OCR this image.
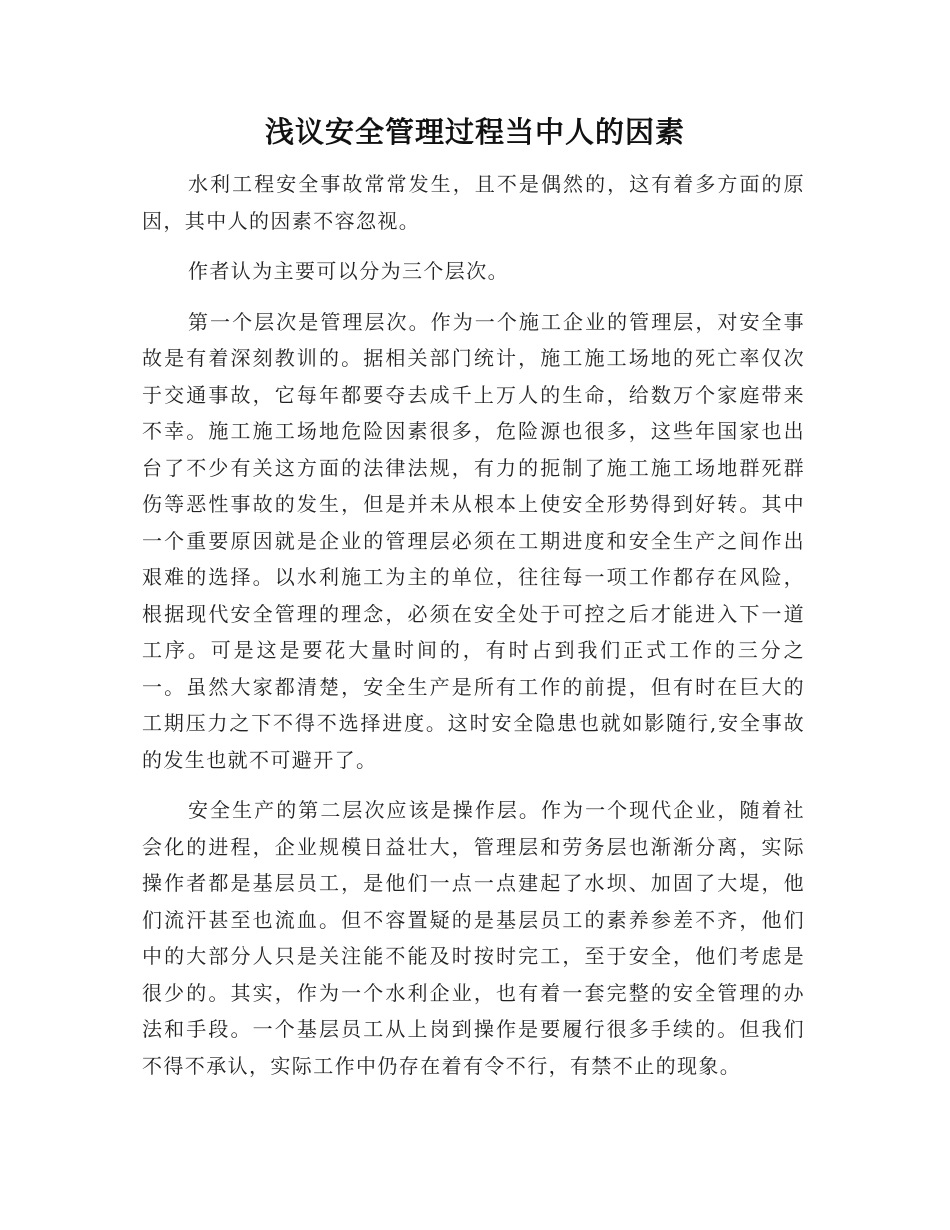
浅议安全管理过程当中人的因素

水利工程安全事故常常发生，且不是偶然的，这有着多方面的原因，其中人的因素不容忽视。

作者认为主要可以分为三个层次。

第一个层次是管理层次。作为一个施工企业的管理层，对安全事故是有着深刻教训的。据相关部门统计，施工施工场地的死亡率仅次于交通事故，它每年都要夺去成千上万人的生命，给数万个家庭带来不幸。施工施工场地危险因素很多，危险源也很多，这些年国家也出台了不少有关这方面的法律法规，有力的扼制了施工施工场地群死群伤等恶性事故的发生，但是并未从根本上使安全形势得到好转。其中一个重要原因就是企业的管理层必须在工期进度和安全生产之间作出艰难的选择。以水利施工为主的单位，往往每一项工作都存在风险，根据现代安全管理的理念，必须在安全处于可控之后才能进入下一道工序。可是这是要花大量时间的，有时占到我们正式工作的三分之一。虽然大家都清楚，安全生产是所有工作的前提，但有时在巨大的工期压力之下不得不选择进度。这时安全隐患也就如影随行,安全事故的发生也就不可避开了。

安全生产的第二层次应该是操作层。作为一个现代企业，随着社会化的进程，企业规模日益壮大，管理层和劳务层也渐渐分离，实际操作者都是基层员工，是他们一点一点建起了水坝、加固了大堤，他们流汗甚至也流血。但不容置疑的是基层员工的素养参差不齐，他们中的大部分人只是关注能不能及时按时完工，至于安全，他们考虑是很少的。其实，作为一个水利企业，也有着一套完整的安全管理的办法和手段。一个基层员工从上岗到操作是要履行很多手续的。但我们不得不承认，实际工作中仍存在着有令不行，有禁不止的现象。
